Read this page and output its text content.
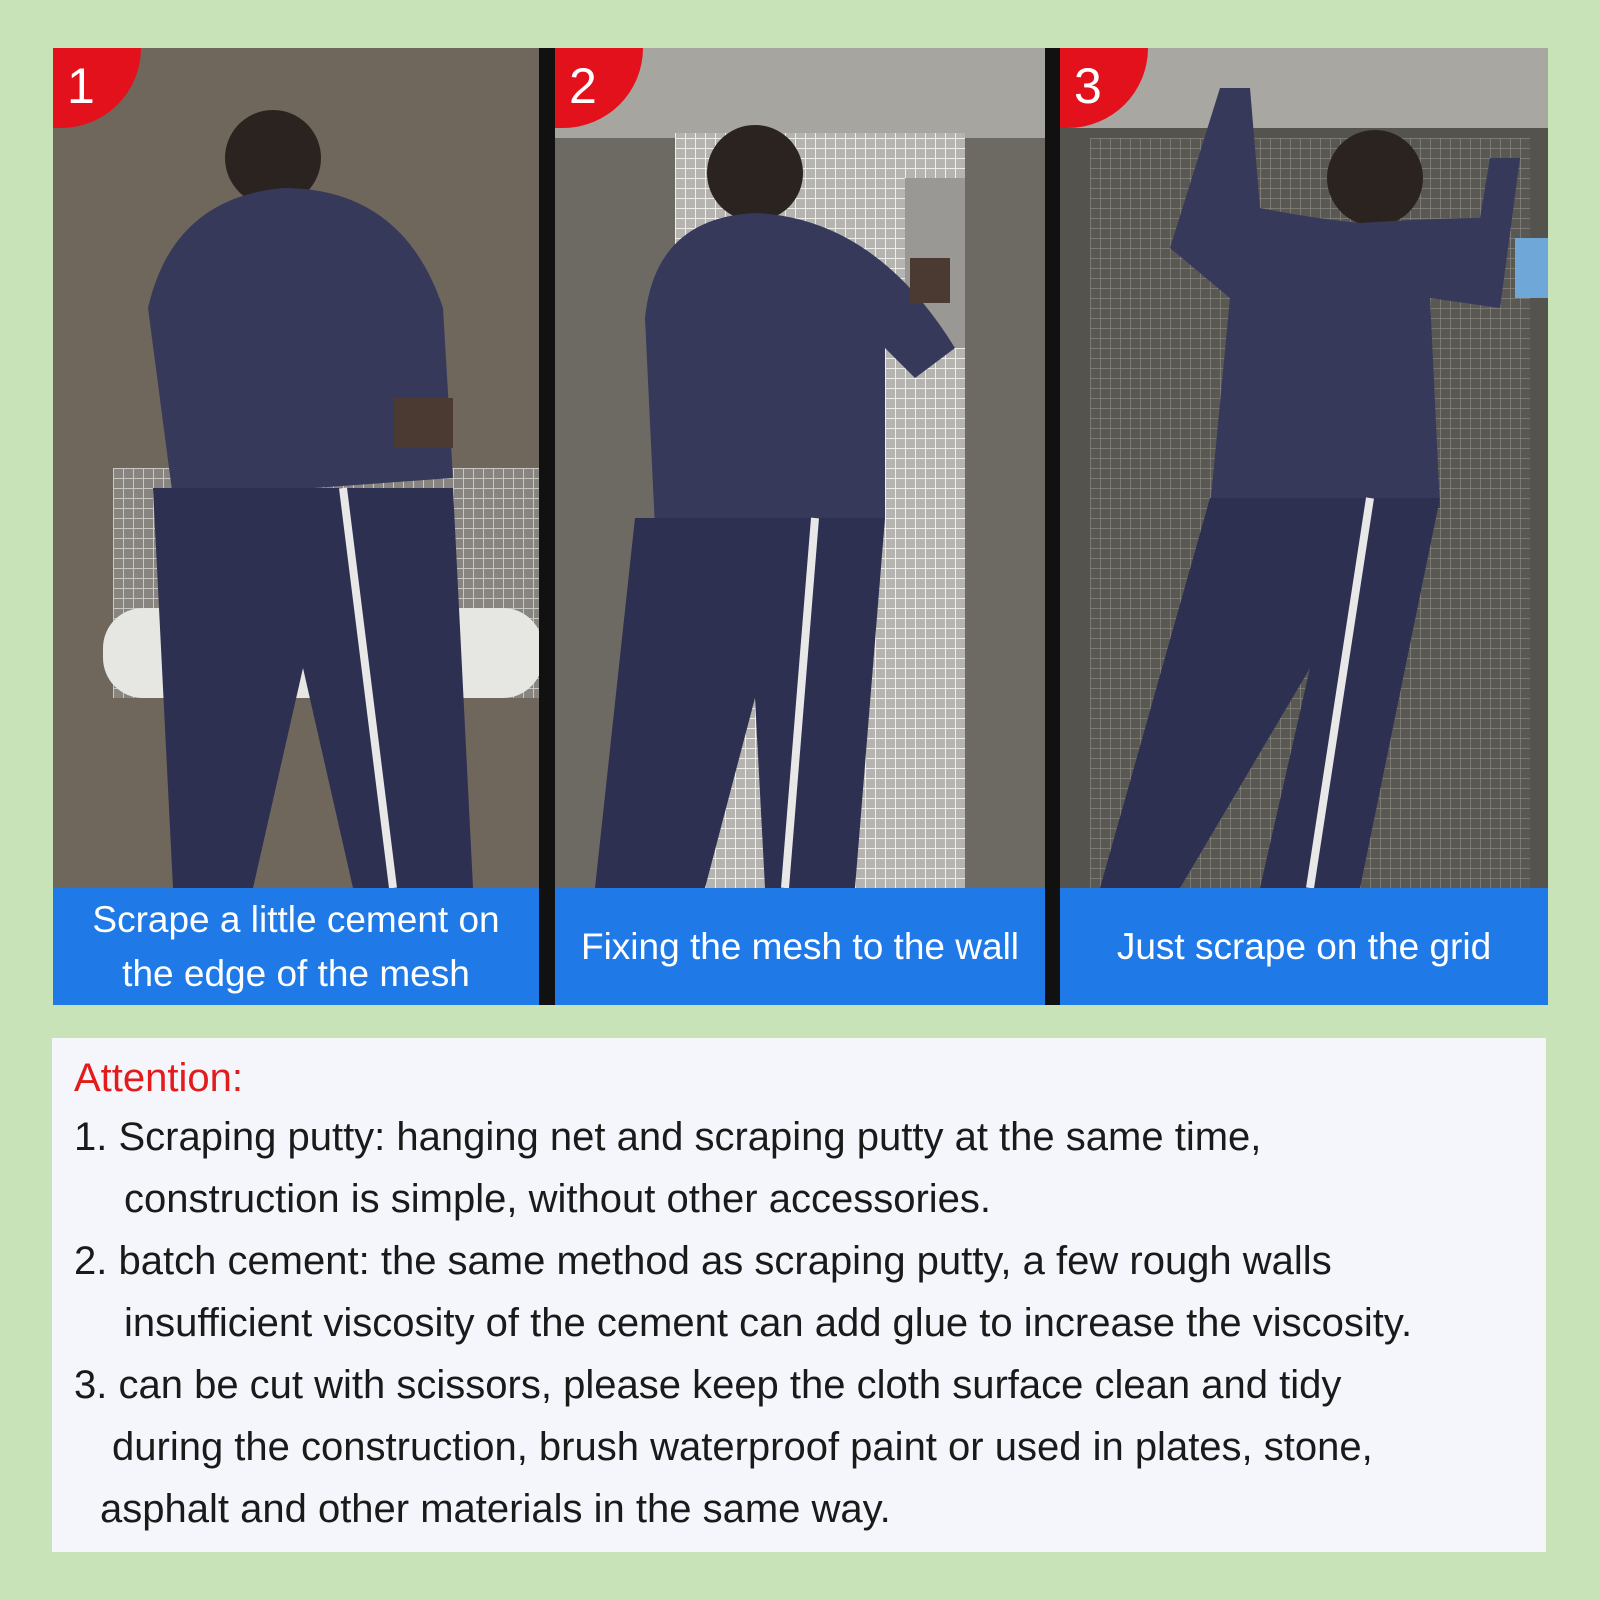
1
Scrape a little cement on
the edge of the mesh
2
Fixing the mesh to the wall
3
Just scrape on the grid
Attention:
1. Scraping putty: hanging net and scraping putty at the same time,
construction is simple, without other accessories.
2. batch cement: the same method as scraping putty, a few rough walls
insufficient viscosity of the cement can add glue to increase the viscosity.
3. can be cut with scissors, please keep the cloth surface clean and tidy
during the construction, brush waterproof paint or used in plates, stone,
asphalt and other materials in the same way.
